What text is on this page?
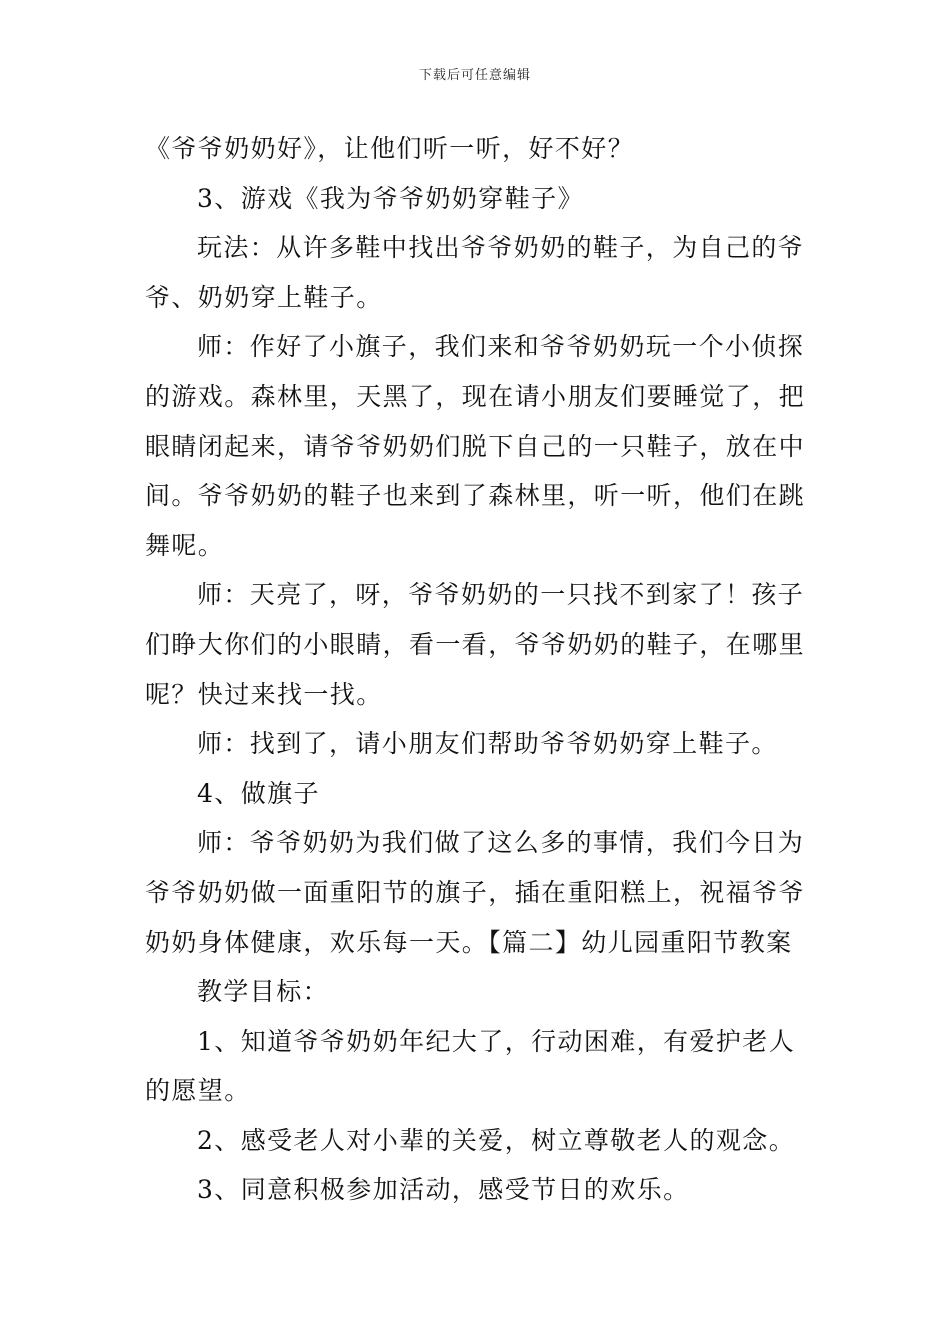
下载后可任意编辑

《爷爷奶奶好》，让他们听一听，好不好？

3、游戏《我为爷爷奶奶穿鞋子》

玩法：从许多鞋中找出爷爷奶奶的鞋子，为自己的爷爷、奶奶穿上鞋子。

师：作好了小旗子，我们来和爷爷奶奶玩一个小侦探的游戏。森林里，天黑了，现在请小朋友们要睡觉了，把眼睛闭起来，请爷爷奶奶们脱下自己的一只鞋子，放在中间。爷爷奶奶的鞋子也来到了森林里，听一听，他们在跳舞呢。

师：天亮了，呀，爷爷奶奶的一只找不到家了！孩子们睁大你们的小眼睛，看一看，爷爷奶奶的鞋子，在哪里呢？快过来找一找。

师：找到了，请小朋友们帮助爷爷奶奶穿上鞋子。

4、做旗子

师：爷爷奶奶为我们做了这么多的事情，我们今日为爷爷奶奶做一面重阳节的旗子，插在重阳糕上，祝福爷爷奶奶身体健康，欢乐每一天。【篇二】幼儿园重阳节教案

教学目标：

1、知道爷爷奶奶年纪大了，行动困难，有爱护老人的愿望。

2、感受老人对小辈的关爱，树立尊敬老人的观念。

3、同意积极参加活动，感受节日的欢乐。
